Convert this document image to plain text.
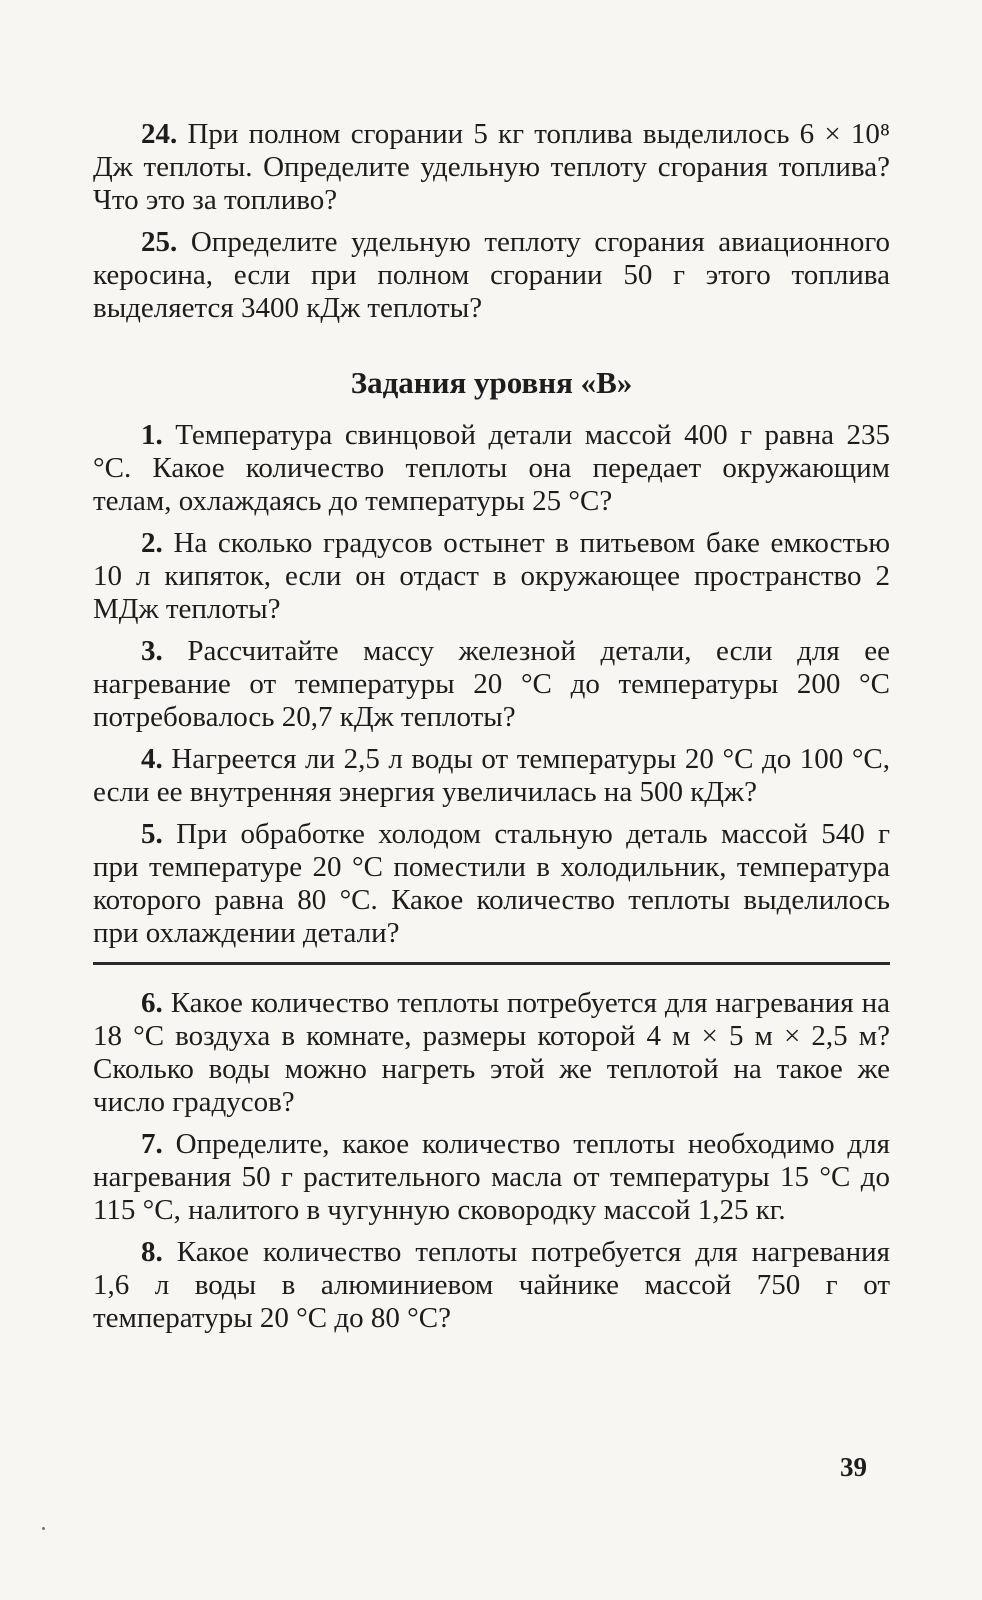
24. При полном сгорании 5 кг топлива выделилось 6 × 10⁸ Дж теплоты. Определите удельную теплоту сгорания топлива? Что это за топливо?

25. Определите удельную теплоту сгорания авиационного керосина, если при полном сгорании 50 г этого топлива выделяется 3400 кДж теплоты?

Задания уровня «В»

1. Температура свинцовой детали массой 400 г равна 235 °С. Какое количество теплоты она передает окружающим телам, охлаждаясь до температуры 25 °С?

2. На сколько градусов остынет в питьевом баке емкостью 10 л кипяток, если он отдаст в окружающее пространство 2 МДж теплоты?

3. Рассчитайте массу железной детали, если для ее нагревание от температуры 20 °С до температуры 200 °С потребовалось 20,7 кДж теплоты?

4. Нагреется ли 2,5 л воды от температуры 20 °С до 100 °С, если ее внутренняя энергия увеличилась на 500 кДж?

5. При обработке холодом стальную деталь массой 540 г при температуре 20 °С поместили в холодильник, температура которого равна 80 °С. Какое количество теплоты выделилось при охлаждении детали?

6. Какое количество теплоты потребуется для нагревания на 18 °С воздуха в комнате, размеры которой 4 м × 5 м × 2,5 м? Сколько воды можно нагреть этой же теплотой на такое же число градусов?

7. Определите, какое количество теплоты необходимо для нагревания 50 г растительного масла от температуры 15 °С до 115 °С, налитого в чугунную сковородку массой 1,25 кг.

8. Какое количество теплоты потребуется для нагревания 1,6 л воды в алюминиевом чайнике массой 750 г от температуры 20 °С до 80 °С?

39
